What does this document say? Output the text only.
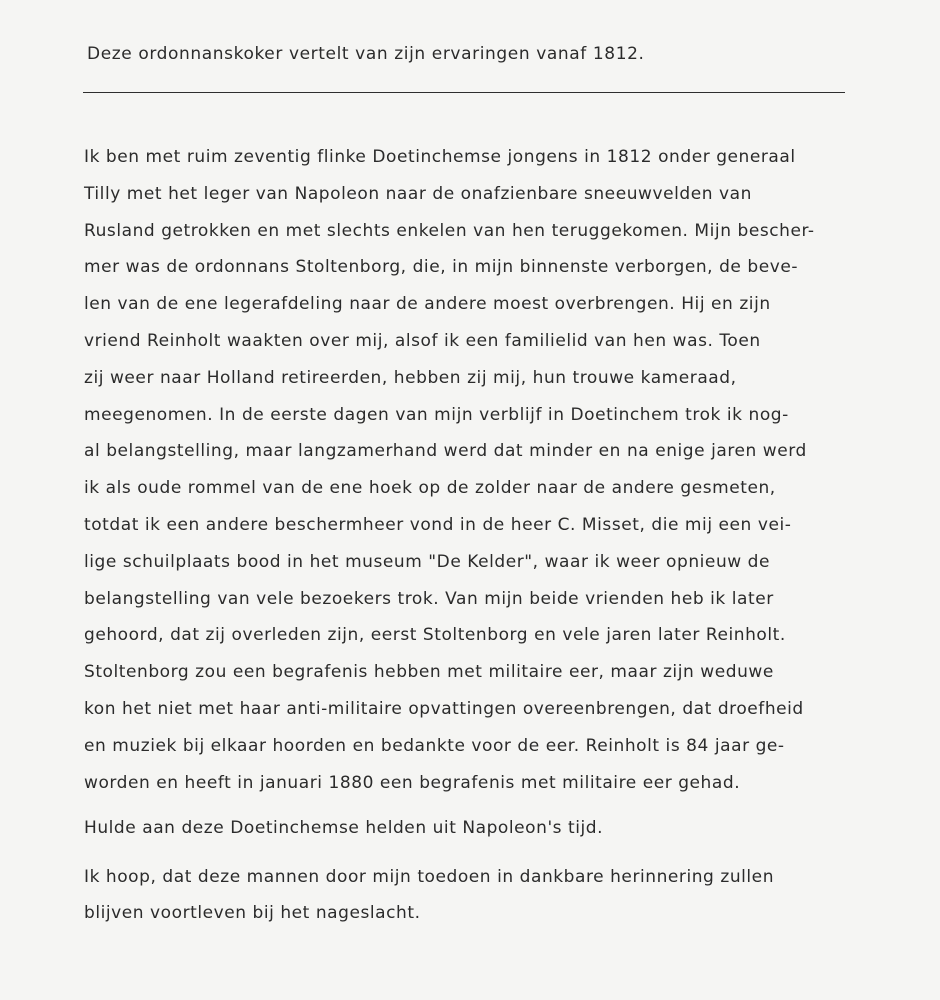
Deze ordonnanskoker vertelt van zijn ervaringen vanaf 1812.
Ik ben met ruim zeventig flinke Doetinchemse jongens in 1812 onder generaal
Tilly met het leger van Napoleon naar de onafzienbare sneeuwvelden van
Rusland getrokken en met slechts enkelen van hen teruggekomen. Mijn bescher-
mer was de ordonnans Stoltenborg, die, in mijn binnenste verborgen, de beve-
len van de ene legerafdeling naar de andere moest overbrengen. Hij en zijn
vriend Reinholt waakten over mij, alsof ik een familielid van hen was. Toen
zij weer naar Holland retireerden, hebben zij mij, hun trouwe kameraad,
meegenomen. In de eerste dagen van mijn verblijf in Doetinchem trok ik nog-
al belangstelling, maar langzamerhand werd dat minder en na enige jaren werd
ik als oude rommel van de ene hoek op de zolder naar de andere gesmeten,
totdat ik een andere beschermheer vond in de heer C. Misset, die mij een vei-
lige schuilplaats bood in het museum "De Kelder", waar ik weer opnieuw de
belangstelling van vele bezoekers trok. Van mijn beide vrienden heb ik later
gehoord, dat zij overleden zijn, eerst Stoltenborg en vele jaren later Reinholt.
Stoltenborg zou een begrafenis hebben met militaire eer, maar zijn weduwe
kon het niet met haar anti-militaire opvattingen overeenbrengen, dat droefheid
en muziek bij elkaar hoorden en bedankte voor de eer. Reinholt is 84 jaar ge-
worden en heeft in januari 1880 een begrafenis met militaire eer gehad.
Hulde aan deze Doetinchemse helden uit Napoleon's tijd.
Ik hoop, dat deze mannen door mijn toedoen in dankbare herinnering zullen
blijven voortleven bij het nageslacht.
